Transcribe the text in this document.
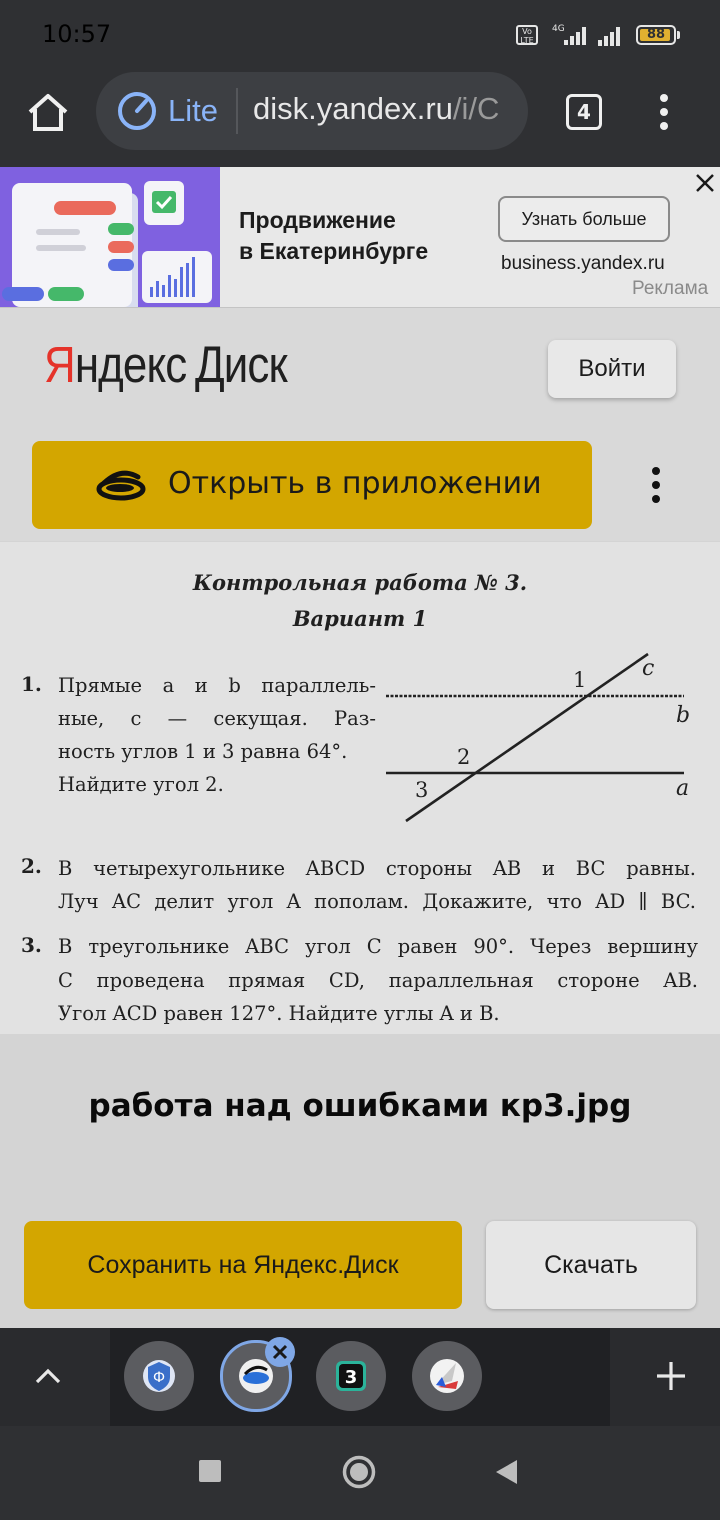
10:57	Vo LTE
4G	88
Lite disk.yandex.ru/i/C	4
Продвижение
в Екатеринбурге
Узнать больше
business.yandex.ru
Реклама
Яндекс Диск	Войти
Открыть в приложении
Контрольная работа № 3.
Вариант 1
1. Прямые a и b параллель-
ные, c — секущая. Раз-
ность углов 1 и 3 равна 64°.
Найдите угол 2.
1
2
3
c
b
a
2. В четырехугольнике ABCD стороны AB и BC равны.
Луч AC делит угол A пополам. Докажите, что AD ∥ BC.
3. В треугольнике ABC угол C равен 90°. Через вершину
C проведена прямая CD, параллельная стороне AB.
Угол ACD равен 127°. Найдите углы A и B.
работа над ошибками кр3.jpg
Сохранить на Яндекс.Диск	Скачать
Ф	3
